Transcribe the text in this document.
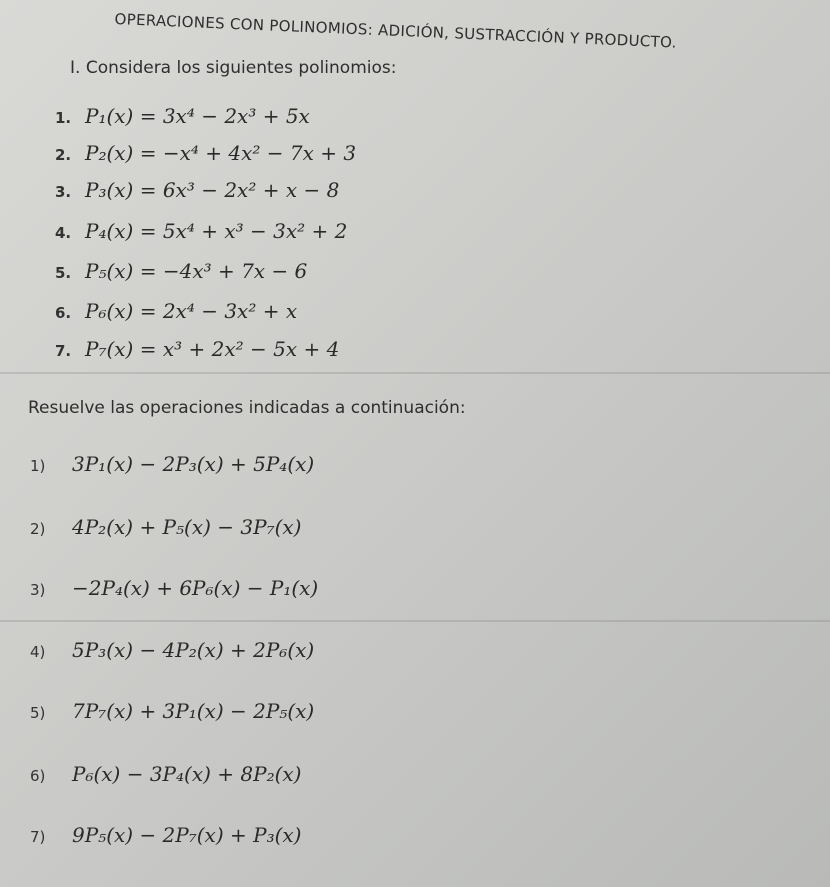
OPERACIONES CON POLINOMIOS: ADICIÓN, SUSTRACCIÓN Y PRODUCTO.
I. Considera los siguientes polinomios:
1. P₁(x) = 3x⁴ − 2x³ + 5x
2. P₂(x) = −x⁴ + 4x² − 7x + 3
3. P₃(x) = 6x³ − 2x² + x − 8
4. P₄(x) = 5x⁴ + x³ − 3x² + 2
5. P₅(x) = −4x³ + 7x − 6
6. P₆(x) = 2x⁴ − 3x² + x
7. P₇(x) = x³ + 2x² − 5x + 4
Resuelve las operaciones indicadas a continuación:
1) 3P₁(x) − 2P₃(x) + 5P₄(x)
2) 4P₂(x) + P₅(x) − 3P₇(x)
3) −2P₄(x) + 6P₆(x) − P₁(x)
4) 5P₃(x) − 4P₂(x) + 2P₆(x)
5) 7P₇(x) + 3P₁(x) − 2P₅(x)
6) P₆(x) − 3P₄(x) + 8P₂(x)
7) 9P₅(x) − 2P₇(x) + P₃(x)
